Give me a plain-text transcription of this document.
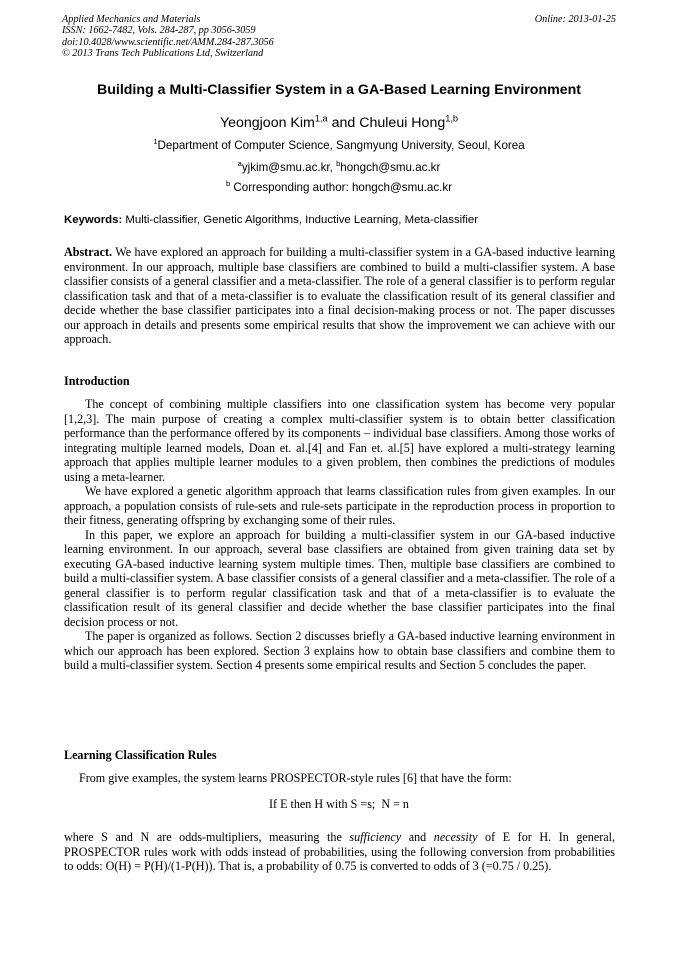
Applied Mechanics and Materials
ISSN: 1662-7482, Vols. 284-287, pp 3056-3059
doi:10.4028/www.scientific.net/AMM.284-287.3056
© 2013 Trans Tech Publications Ltd, Switzerland
Online: 2013-01-25
Building a Multi-Classifier System in a GA-Based Learning Environment
Yeongjoon Kim$^{1,a}$ and Chuleui Hong$^{1,b}$
$^1$Department of Computer Science, Sangmyung University, Seoul, Korea
$^a$yjkim@smu.ac.kr, $^b$hongch@smu.ac.kr
$^b$ Corresponding author: hongch@smu.ac.kr
Keywords: Multi-classifier, Genetic Algorithms, Inductive Learning, Meta-classifier

Abstract. We have explored an approach for building a multi-classifier system in a GA-based inductive learning environment. In our approach, multiple base classifiers are combined to build a multi-classifier system. A base classifier consists of a general classifier and a meta-classifier. The role of a general classifier is to perform regular classification task and that of a meta-classifier is to evaluate the classification result of its general classifier and decide whether the base classifier participates into a final decision-making process or not. The paper discusses our approach in details and presents some empirical results that show the improvement we can achieve with our approach.

Introduction

The concept of combining multiple classifiers into one classification system has become very popular [1,2,3]. The main purpose of creating a complex multi-classifier system is to obtain better classification performance than the performance offered by its components – individual base classifiers. Among those works of integrating multiple learned models, Doan et. al.[4] and Fan et. al.[5] have explored a multi-strategy learning approach that applies multiple learner modules to a given problem, then combines the predictions of modules using a meta-learner.

We have explored a genetic algorithm approach that learns classification rules from given examples. In our approach, a population consists of rule-sets and rule-sets participate in the reproduction process in proportion to their fitness, generating offspring by exchanging some of their rules.

In this paper, we explore an approach for building a multi-classifier system in our GA-based inductive learning environment. In our approach, several base classifiers are obtained from given training data set by executing GA-based inductive learning system multiple times. Then, multiple base classifiers are combined to build a multi-classifier system. A base classifier consists of a general classifier and a meta-classifier. The role of a general classifier is to perform regular classification task and that of a meta-classifier is to evaluate the classification result of its general classifier and decide whether the base classifier participates into the final decision process or not.

The paper is organized as follows. Section 2 discusses briefly a GA-based inductive learning environment in which our approach has been explored. Section 3 explains how to obtain base classifiers and combine them to build a multi-classifier system. Section 4 presents some empirical results and Section 5 concludes the paper.

Learning Classification Rules

From give examples, the system learns PROSPECTOR-style rules [6] that have the form:

If E then H with S =s;  N = n

where S and N are odds-multipliers, measuring the sufficiency and necessity of E for H. In general, PROSPECTOR rules work with odds instead of probabilities, using the following conversion from probabilities to odds: O(H) = P(H)/(1-P(H)). That is, a probability of 0.75 is converted to odds of 3 (=0.75 / 0.25).
